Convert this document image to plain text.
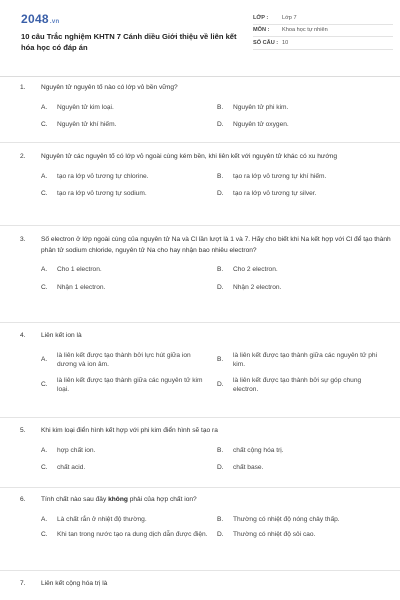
2048.vn
10 câu Trắc nghiệm KHTN 7 Cánh diều Giới thiệu về liên kết hóa học có đáp án
LỚP :	Lớp 7
MÔN :	Khoa học tự nhiên
SỐ CÂU : 10
1.	Nguyên tử nguyên tố nào có lớp vỏ bền vững?
A.	Nguyên tử kim loại.	B.	Nguyên tử phi kim.
C.	Nguyên tử khí hiếm.	D.	Nguyên tử oxygen.
2.	Nguyên tử các nguyên tố có lớp vỏ ngoài cùng kém bền, khi liên kết với nguyên tử khác có xu hướng
A.	tạo ra lớp vỏ tương tự chlorine.	B.	tạo ra lớp vỏ tương tự khí hiếm.
C.	tạo ra lớp vỏ tương tự sodium.	D.	tạo ra lớp vỏ tương tự silver.
3.	Số electron ở lớp ngoài cùng của nguyên tử Na và Cl lần lượt là 1 và 7. Hãy cho biết khi Na kết hợp với Cl để tạo thành phân tử sodium chloride, nguyên tử Na cho hay nhận bao nhiêu electron?
A.	Cho 1 electron.	B.	Cho 2 electron.
C.	Nhận 1 electron.	D.	Nhận 2 electron.
4.	Liên kết ion là
A.
là liên kết được tạo thành bởi lực hút giữa ion dương và ion âm.
B.
là liên kết được tạo thành giữa các nguyên tử phi kim.
C.
là liên kết được tạo thành giữa các nguyên tử kim loại.
D.
là liên kết được tạo thành bởi sự góp chung electron.
5.	Khi kim loại điển hình kết hợp với phi kim điển hình sẽ tạo ra
A.	hợp chất ion.	B.	chất cộng hóa trị.
C.	chất acid.	D.	chất base.
6.	Tính chất nào sau đây không phải của hợp chất ion?
A.	Là chất rắn ở nhiệt độ thường.	B.	Thường có nhiệt độ nóng chảy thấp.
C.	Khi tan trong nước tạo ra dung dịch dẫn được điện.	D.	Thường có nhiệt độ sôi cao.
7.	Liên kết cộng hóa trị là
